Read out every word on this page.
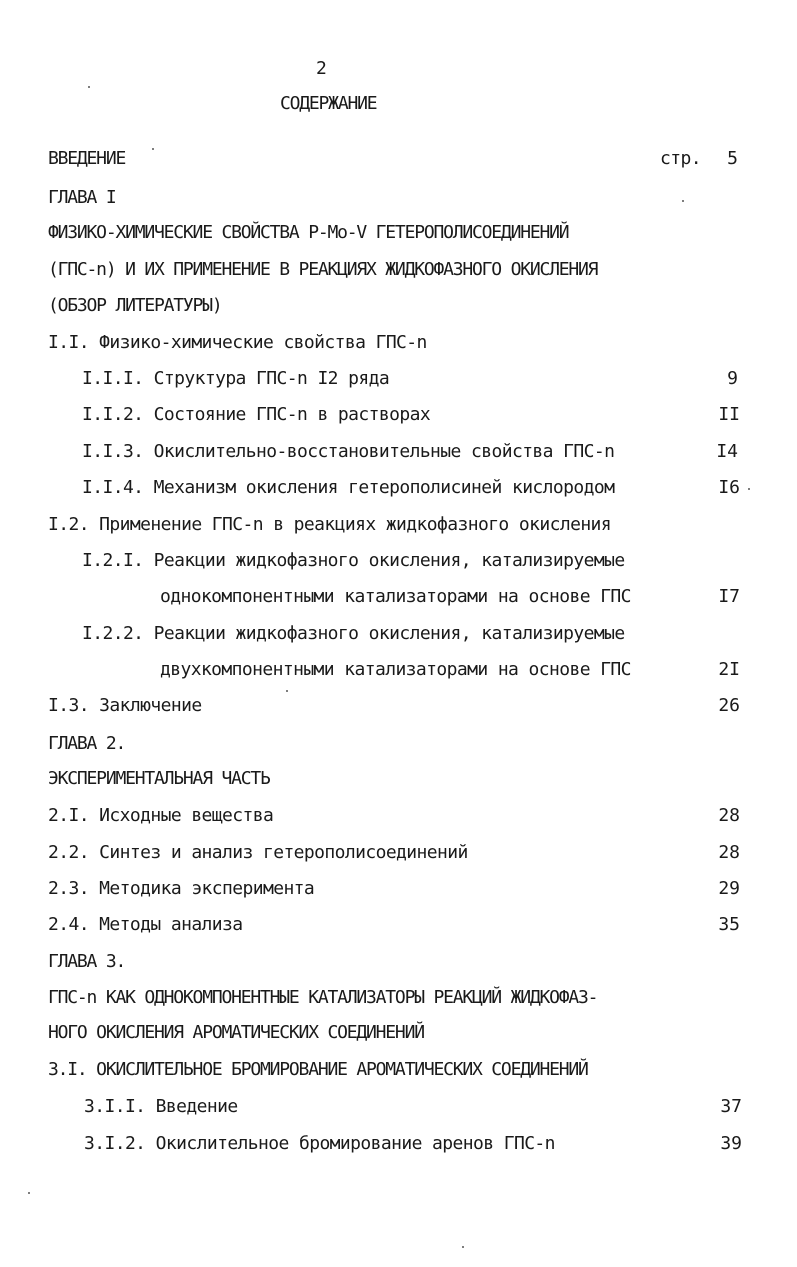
2
СОДЕРЖАНИЕ
ВВЕДЕНИЕ	стр.	5
ГЛАВА I
ФИЗИКО-ХИМИЧЕСКИЕ СВОЙСТВА P-Mo-V ГЕТЕРОПОЛИСОЕДИНЕНИЙ
(ГПС-n) И ИХ ПРИМЕНЕНИЕ В РЕАКЦИЯХ ЖИДКОФАЗНОГО ОКИСЛЕНИЯ
(ОБЗОР ЛИТЕРАТУРЫ)
I.I. Физико-химические свойства ГПС-n
I.I.I. Структура ГПС-n I2 ряда	9
I.I.2. Состояние ГПС-n в растворах	II
I.I.3. Окислительно-восстановительные свойства ГПС-n	I4
I.I.4. Механизм окисления гетерополисиней кислородом	I6
I.2. Применение ГПС-n в реакциях жидкофазного окисления
I.2.I. Реакции жидкофазного окисления, катализируемые
однокомпонентными катализаторами на основе ГПС	I7
I.2.2. Реакции жидкофазного окисления, катализируемые
двухкомпонентными катализаторами на основе ГПС	2I
I.3. Заключение	26
ГЛАВА 2.
ЭКСПЕРИМЕНТАЛЬНАЯ ЧАСТЬ
2.I. Исходные вещества	28
2.2. Синтез и анализ гетерополисоединений	28
2.3. Методика эксперимента	29
2.4. Методы анализа	35
ГЛАВА 3.
ГПС-n КАК ОДНОКОМПОНЕНТНЫЕ КАТАЛИЗАТОРЫ РЕАКЦИЙ ЖИДКОФАЗ-
НОГО ОКИСЛЕНИЯ АРОМАТИЧЕСКИХ СОЕДИНЕНИЙ
3.I. ОКИСЛИТЕЛЬНОЕ БРОМИРОВАНИЕ АРОМАТИЧЕСКИХ СОЕДИНЕНИЙ
3.I.I. Введение	37
3.I.2. Окислительное бромирование аренов ГПС-n	39
